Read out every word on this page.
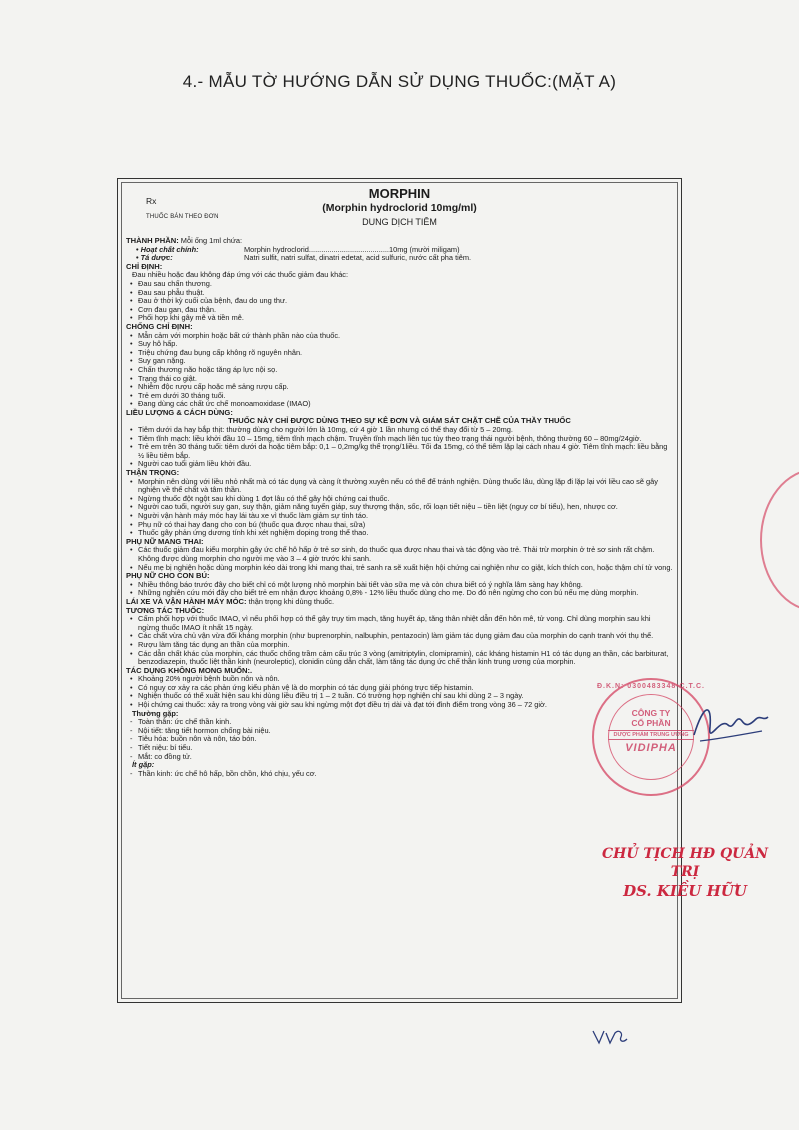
4.- MẪU TỜ HƯỚNG DẪN SỬ DỤNG THUỐC:(MẶT A)
Rx
THUỐC BÁN THEO ĐƠN
MORPHIN
(Morphin hydroclorid 10mg/ml)
DUNG DỊCH TIÊM
THÀNH PHẦN: Mỗi ống 1ml chứa:
• Hoạt chất chính:	Morphin hydroclorid.......................................10mg (mười miligam)
• Tá dược:	Natri sulfit, natri sulfat, dinatri edetat, acid sulfuric, nước cất pha tiêm.
CHỈ ĐỊNH:
Đau nhiều hoặc đau không đáp ứng với các thuốc giảm đau khác:
• Đau sau chấn thương.
• Đau sau phẫu thuật.
• Đau ở thời kỳ cuối của bệnh, đau do ung thư.
• Cơn đau gan, đau thận.
• Phối hợp khi gây mê và tiền mê.
CHỐNG CHỈ ĐỊNH:
• Mẫn cảm với morphin hoặc bất cứ thành phần nào của thuốc.
• Suy hô hấp.
• Triệu chứng đau bụng cấp không rõ nguyên nhân.
• Suy gan nặng.
• Chấn thương não hoặc tăng áp lực nội sọ.
• Trạng thái co giật.
• Nhiễm độc rượu cấp hoặc mê sảng rượu cấp.
• Trẻ em dưới 30 tháng tuổi.
• Đang dùng các chất ức chế monoamoxidase (IMAO)
LIỀU LƯỢNG & CÁCH DÙNG:
THUỐC NÀY CHỈ ĐƯỢC DÙNG THEO SỰ KÊ ĐƠN VÀ GIÁM SÁT CHẶT CHẼ CỦA THẦY THUỐC
• Tiêm dưới da hay bắp thịt: thường dùng cho người lớn là 10mg, cứ 4 giờ 1 lần nhưng có thể thay đổi từ 5 – 20mg.
• Tiêm tĩnh mạch: liều khởi đầu 10 – 15mg, tiêm tĩnh mạch chậm. Truyền tĩnh mạch liên tục tùy theo trạng thái người bệnh, thông thường 60 – 80mg/24giờ.
• Trẻ em trên 30 tháng tuổi: tiêm dưới da hoặc tiêm bắp: 0,1 – 0,2mg/kg thể trọng/1liều. Tối đa 15mg, có thể tiêm lặp lại cách nhau 4 giờ. Tiêm tĩnh mạch: liều bằng ½ liều tiêm bắp.
• Người cao tuổi giảm liều khởi đầu.
THẬN TRỌNG:
• Morphin nên dùng với liều nhỏ nhất mà có tác dụng và càng ít thường xuyên nếu có thể để tránh nghiện. Dùng thuốc lâu, dùng lặp đi lặp lại với liều cao sẽ gây nghiện về thể chất và tâm thần.
• Ngừng thuốc đột ngột sau khi dùng 1 đợt lâu có thể gây hội chứng cai thuốc.
• Người cao tuổi, người suy gan, suy thận, giảm năng tuyến giáp, suy thượng thận, sốc, rối loạn tiết niệu – tiền liệt (nguy cơ bí tiểu), hen, nhược cơ.
• Người vận hành máy móc hay lái tàu xe vì thuốc làm giảm sự tỉnh táo.
• Phụ nữ có thai hay đang cho con bú (thuốc qua được nhau thai, sữa)
• Thuốc gây phản ứng dương tính khi xét nghiệm doping trong thể thao.
PHỤ NỮ MANG THAI:
• Các thuốc giảm đau kiểu morphin gây ức chế hô hấp ở trẻ sơ sinh, do thuốc qua được nhau thai và tác động vào trẻ. Thải trừ morphin ở trẻ sơ sinh rất chậm. Không được dùng morphin cho người mẹ vào 3 – 4 giờ trước khi sanh.
• Nếu mẹ bị nghiện hoặc dùng morphin kéo dài trong khi mang thai, trẻ sanh ra sẽ xuất hiện hội chứng cai nghiện như co giật, kích thích con, hoặc thậm chí tử vong.
PHỤ NỮ CHO CON BÚ:
• Nhiều thông báo trước đây cho biết chỉ có một lượng nhỏ morphin bài tiết vào sữa mẹ và còn chưa biết có ý nghĩa lâm sàng hay không.
• Những nghiên cứu mới đây cho biết trẻ em nhận được khoảng 0,8% - 12% liều thuốc dùng cho mẹ. Do đó nên ngừng cho con bú nếu mẹ dùng morphin.
LÁI XE VÀ VẬN HÀNH MÁY MÓC: thận trọng khi dùng thuốc.
TƯƠNG TÁC THUỐC:
• Cấm phối hợp với thuốc IMAO, vì nếu phối hợp có thể gây trụy tim mạch, tăng huyết áp, tăng thân nhiệt dẫn đến hôn mê, tử vong. Chỉ dùng morphin sau khi ngừng thuốc IMAO ít nhất 15 ngày.
• Các chất vừa chủ vận vừa đối kháng morphin (như buprenorphin, nalbuphin, pentazocin) làm giảm tác dụng giảm đau của morphin do cạnh tranh với thụ thể.
• Rượu làm tăng tác dụng an thần của morphin.
• Các dẫn chất khác của morphin, các thuốc chống trầm cảm cấu trúc 3 vòng (amitriptylin, clomipramin), các kháng histamin H1 có tác dụng an thần, các barbiturat, benzodiazepin, thuốc liệt thần kinh (neuroleptic), clonidin cùng dẫn chất, làm tăng tác dụng ức chế thần kinh trung ương của morphin.
TÁC DỤNG KHÔNG MONG MUỐN:.
• Khoảng 20% người bệnh buồn nôn và nôn.
• Có nguy cơ xảy ra các phản ứng kiểu phản vệ là do morphin có tác dụng giải phóng trực tiếp histamin.
• Nghiện thuốc có thể xuất hiện sau khi dùng liều điều trị 1 – 2 tuần. Có trường hợp nghiện chỉ sau khi dùng 2 – 3 ngày.
• Hội chứng cai thuốc: xảy ra trong vòng vài giờ sau khi ngừng một đợt điều trị dài và đạt tới đỉnh điểm trong vòng 36 – 72 giờ.
Thường gặp:
- Toàn thân: ức chế thần kinh.
- Nội tiết: tăng tiết hormon chống bài niệu.
- Tiêu hóa: buồn nôn và nôn, táo bón.
- Tiết niệu: bí tiểu.
- Mắt: co đồng tử.
Ít gặp:
- Thần kinh: ức chế hô hấp, bồn chồn, khó chịu, yếu cơ.
Đ.K.N: 0300483348-C.T.C.
CÔNG TY
CỔ PHẦN
DƯỢC PHẨM TRUNG ƯƠNG
VIDIPHA
CHỦ TỊCH HĐ QUẢN TRỊ
DS. KIỀU HỮU
